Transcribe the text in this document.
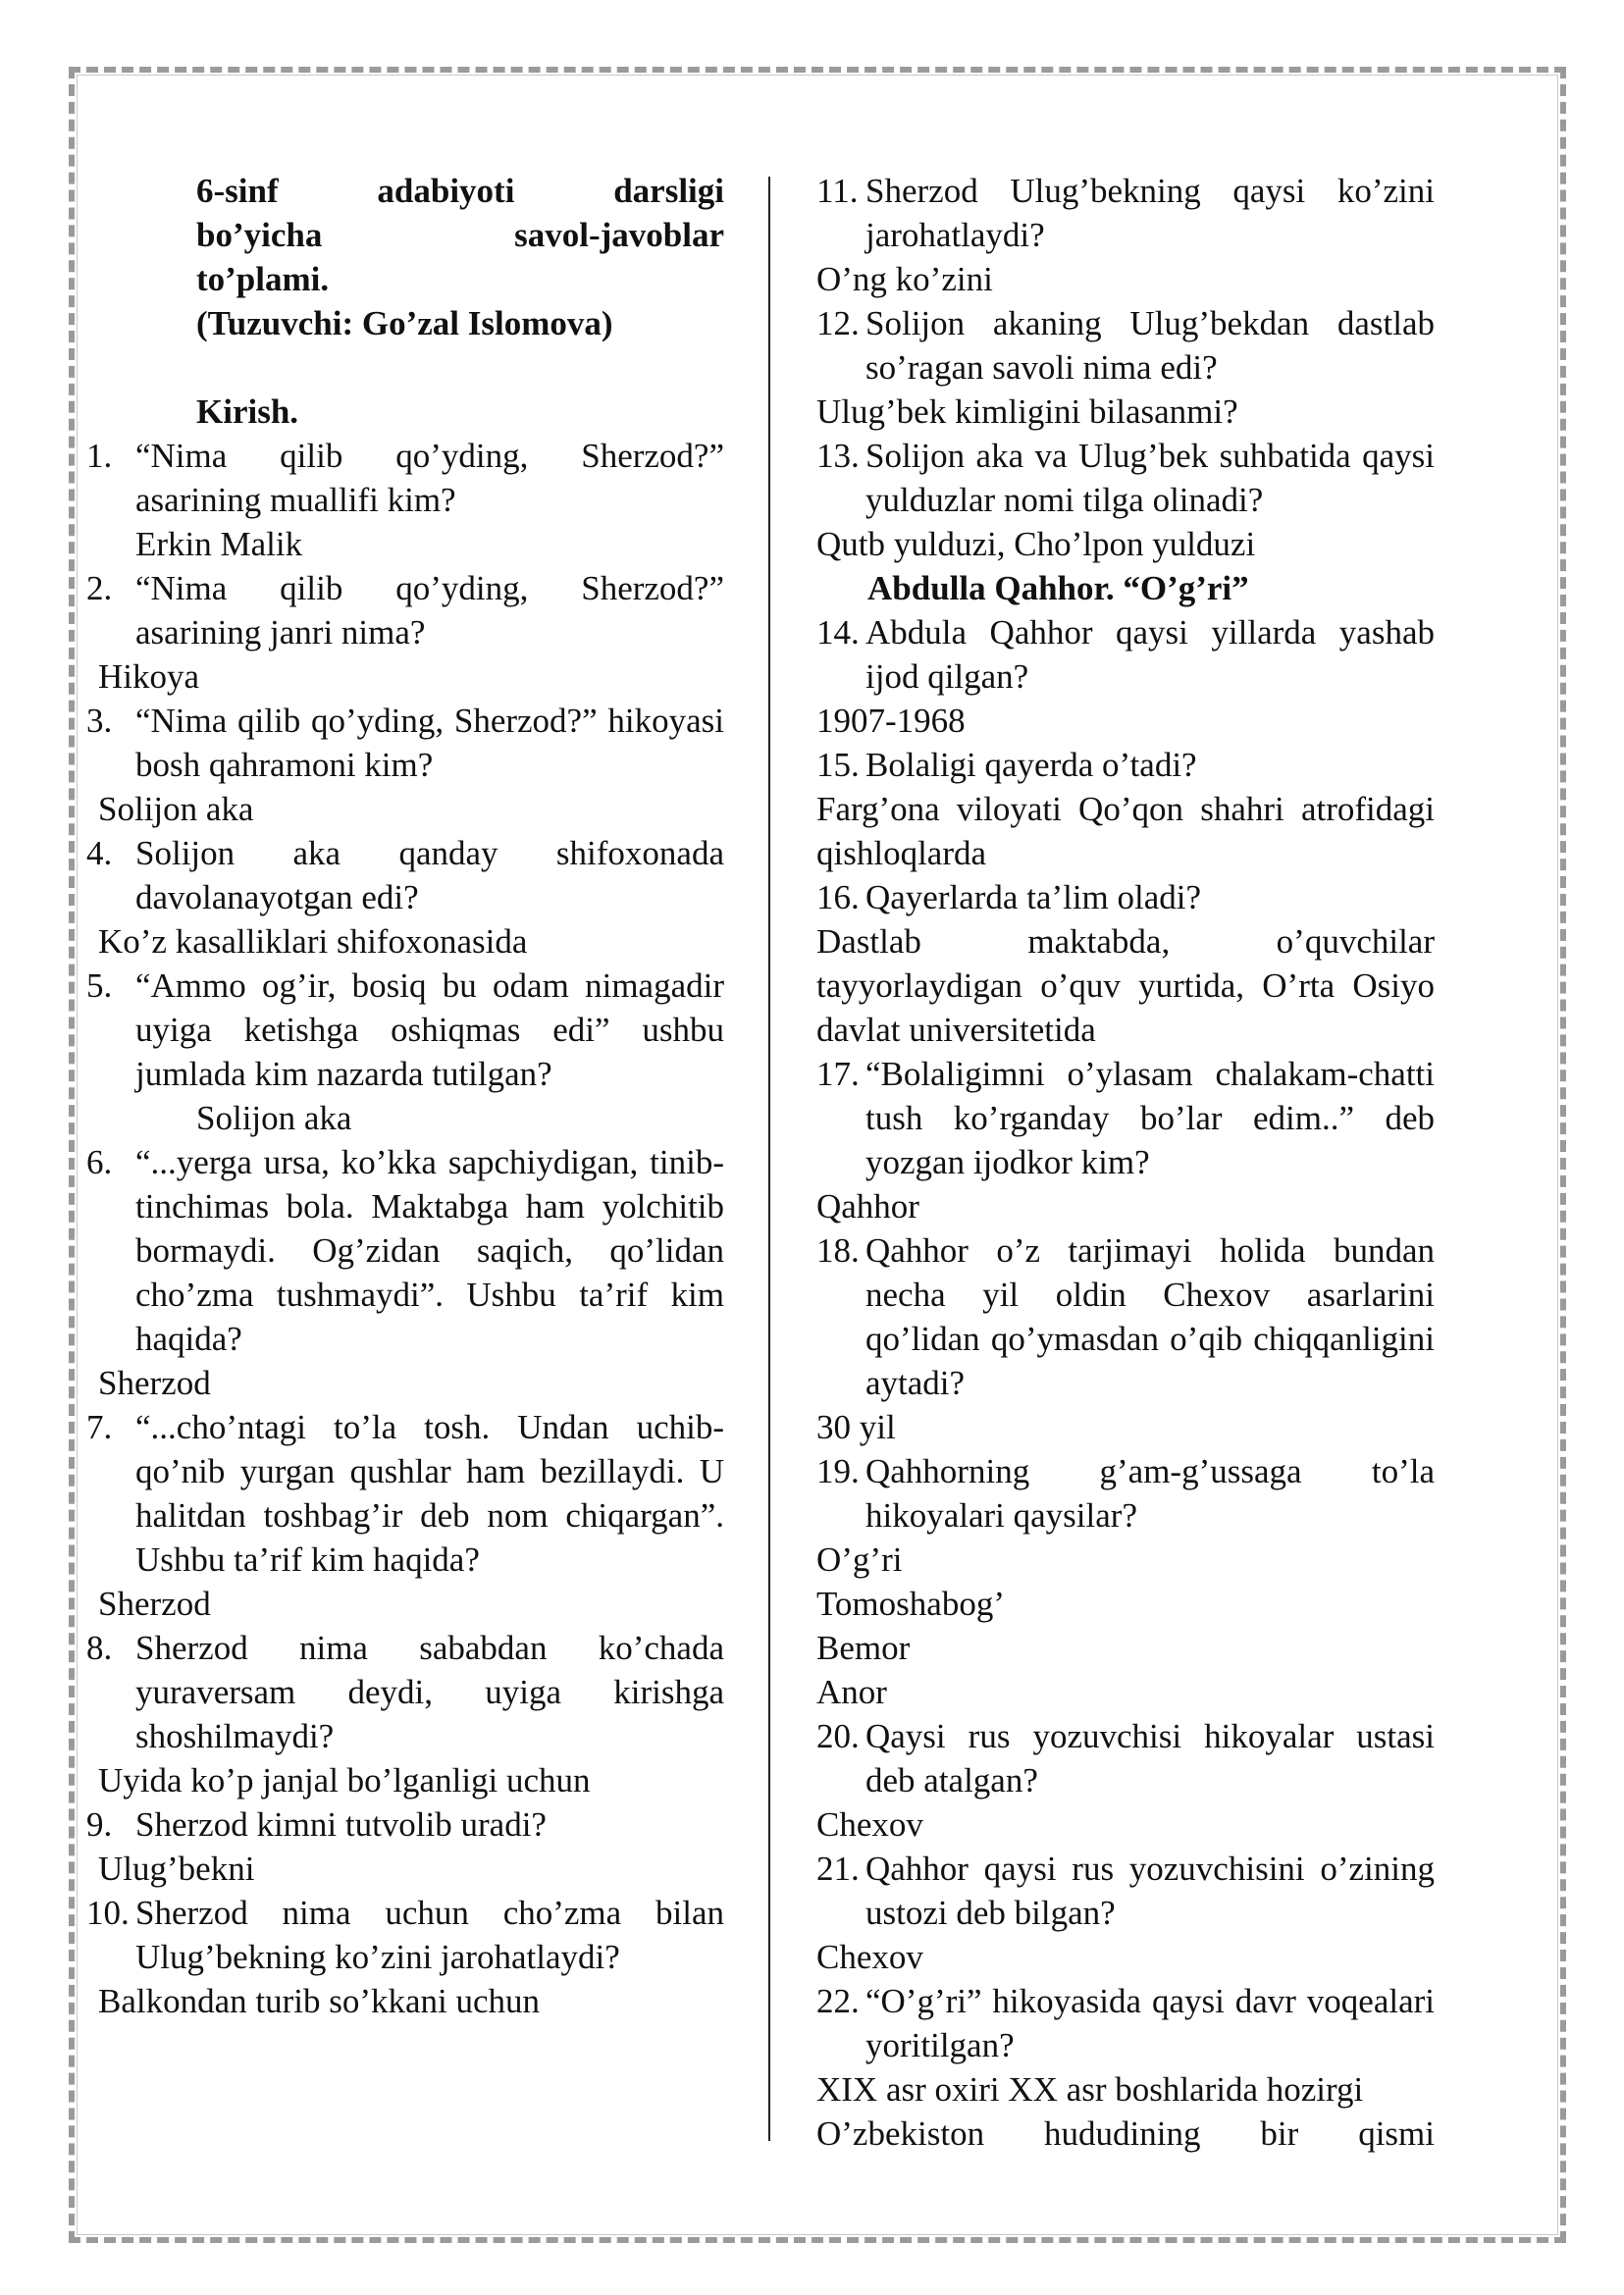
6-sinf adabiyoti darsligi
bo’yicha savol-javoblar
to’plami.
(Tuzuvchi: Go’zal Islomova)
Kirish.
1. “Nima qilib qo’yding, Sherzod?” asarining muallifi kim?
Erkin Malik
2. “Nima qilib qo’yding, Sherzod?” asarining janri nima?
Hikoya
3. “Nima qilib qo’yding, Sherzod?” hikoyasi bosh qahramoni kim?
Solijon aka
4. Solijon aka qanday shifoxonada davolanayotgan edi?
Ko’z kasalliklari shifoxonasida
5. “Ammo og’ir, bosiq bu odam nimagadir uyiga ketishga oshiqmas edi” ushbu jumlada kim nazarda tutilgan?
Solijon aka
6. “...yerga ursa, ko’kka sapchiydigan, tinib-tinchimas bola. Maktabga ham yolchitib bormaydi. Og’zidan saqich, qo’lidan cho’zma tushmaydi”. Ushbu ta’rif kim haqida?
Sherzod
7. “...cho’ntagi to’la tosh. Undan uchib-qo’nib yurgan qushlar ham bezillaydi. U halitdan toshbag’ir deb nom chiqargan”. Ushbu ta’rif kim haqida?
Sherzod
8. Sherzod nima sababdan ko’chada yuraversam deydi, uyiga kirishga shoshilmaydi?
Uyida ko’p janjal bo’lganligi uchun
9. Sherzod kimni tutvolib uradi?
Ulug’bekni
10. Sherzod nima uchun cho’zma bilan Ulug’bekning ko’zini jarohatlaydi?
Balkondan turib so’kkani uchun
11. Sherzod Ulug’bekning qaysi ko’zini jarohatlaydi?
O’ng ko’zini
12. Solijon akaning Ulug’bekdan dastlab so’ragan savoli nima edi?
Ulug’bek kimligini bilasanmi?
13. Solijon aka va Ulug’bek suhbatida qaysi yulduzlar nomi tilga olinadi?
Qutb yulduzi, Cho’lpon yulduzi
Abdulla Qahhor. “O’g’ri”
14. Abdula Qahhor qaysi yillarda yashab ijod qilgan?
1907-1968
15. Bolaligi qayerda o’tadi?
Farg’ona viloyati Qo’qon shahri atrofidagi qishloqlarda
16. Qayerlarda ta’lim oladi?
Dastlab maktabda, o’quvchilar tayyorlaydigan o’quv yurtida, O’rta Osiyo davlat universitetida
17. “Bolaligimni o’ylasam chalakam-chatti tush ko’rganday bo’lar edim..” deb yozgan ijodkor kim?
Qahhor
18. Qahhor o’z tarjimayi holida bundan necha yil oldin Chexov asarlarini qo’lidan qo’ymasdan o’qib chiqqanligini aytadi?
30 yil
19. Qahhorning g’am-g’ussaga to’la hikoyalari qaysilar?
O’g’ri
Tomoshabog’
Bemor
Anor
20. Qaysi rus yozuvchisi hikoyalar ustasi deb atalgan?
Chexov
21. Qahhor qaysi rus yozuvchisini o’zining ustozi deb bilgan?
Chexov
22. “O’g’ri” hikoyasida qaysi davr voqealari yoritilgan?
XIX asr oxiri XX asr boshlarida hozirgi
O’zbekiston hududining bir qismi
